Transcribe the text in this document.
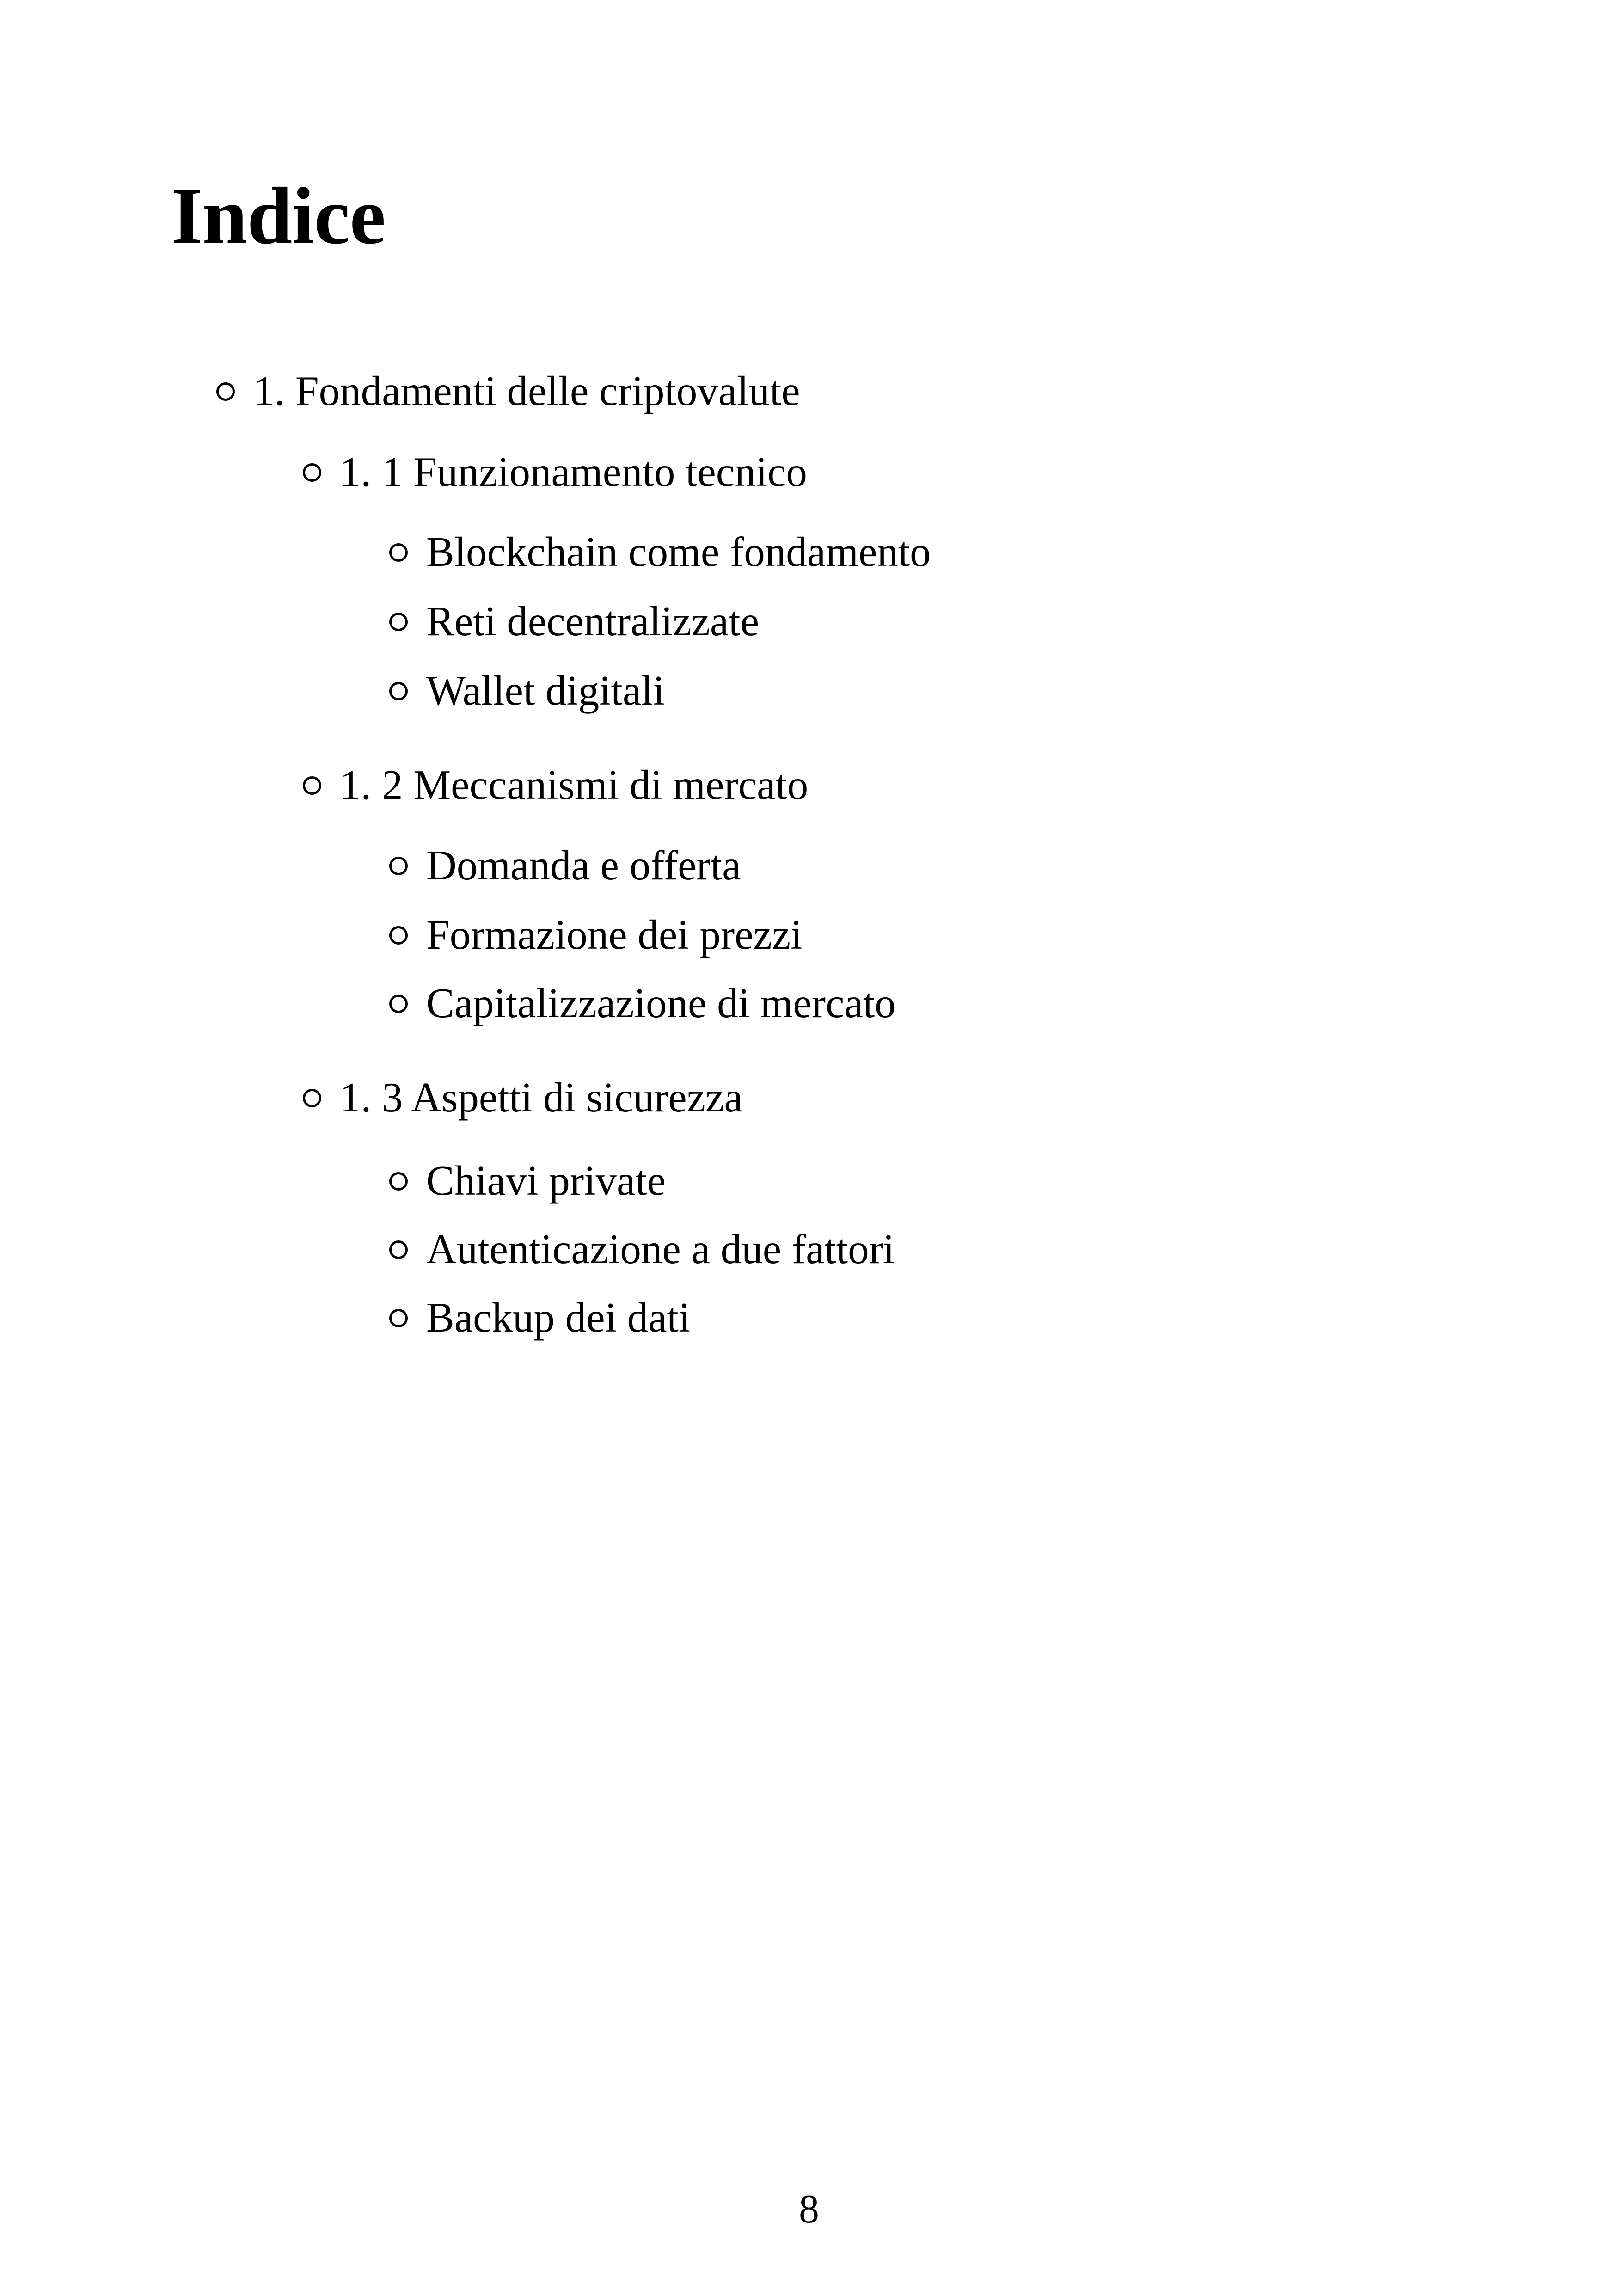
Indice
1. Fondamenti delle criptovalute
1. 1 Funzionamento tecnico
Blockchain come fondamento
Reti decentralizzate
Wallet digitali
1. 2 Meccanismi di mercato
Domanda e offerta
Formazione dei prezzi
Capitalizzazione di mercato
1. 3 Aspetti di sicurezza
Chiavi private
Autenticazione a due fattori
Backup dei dati
8
